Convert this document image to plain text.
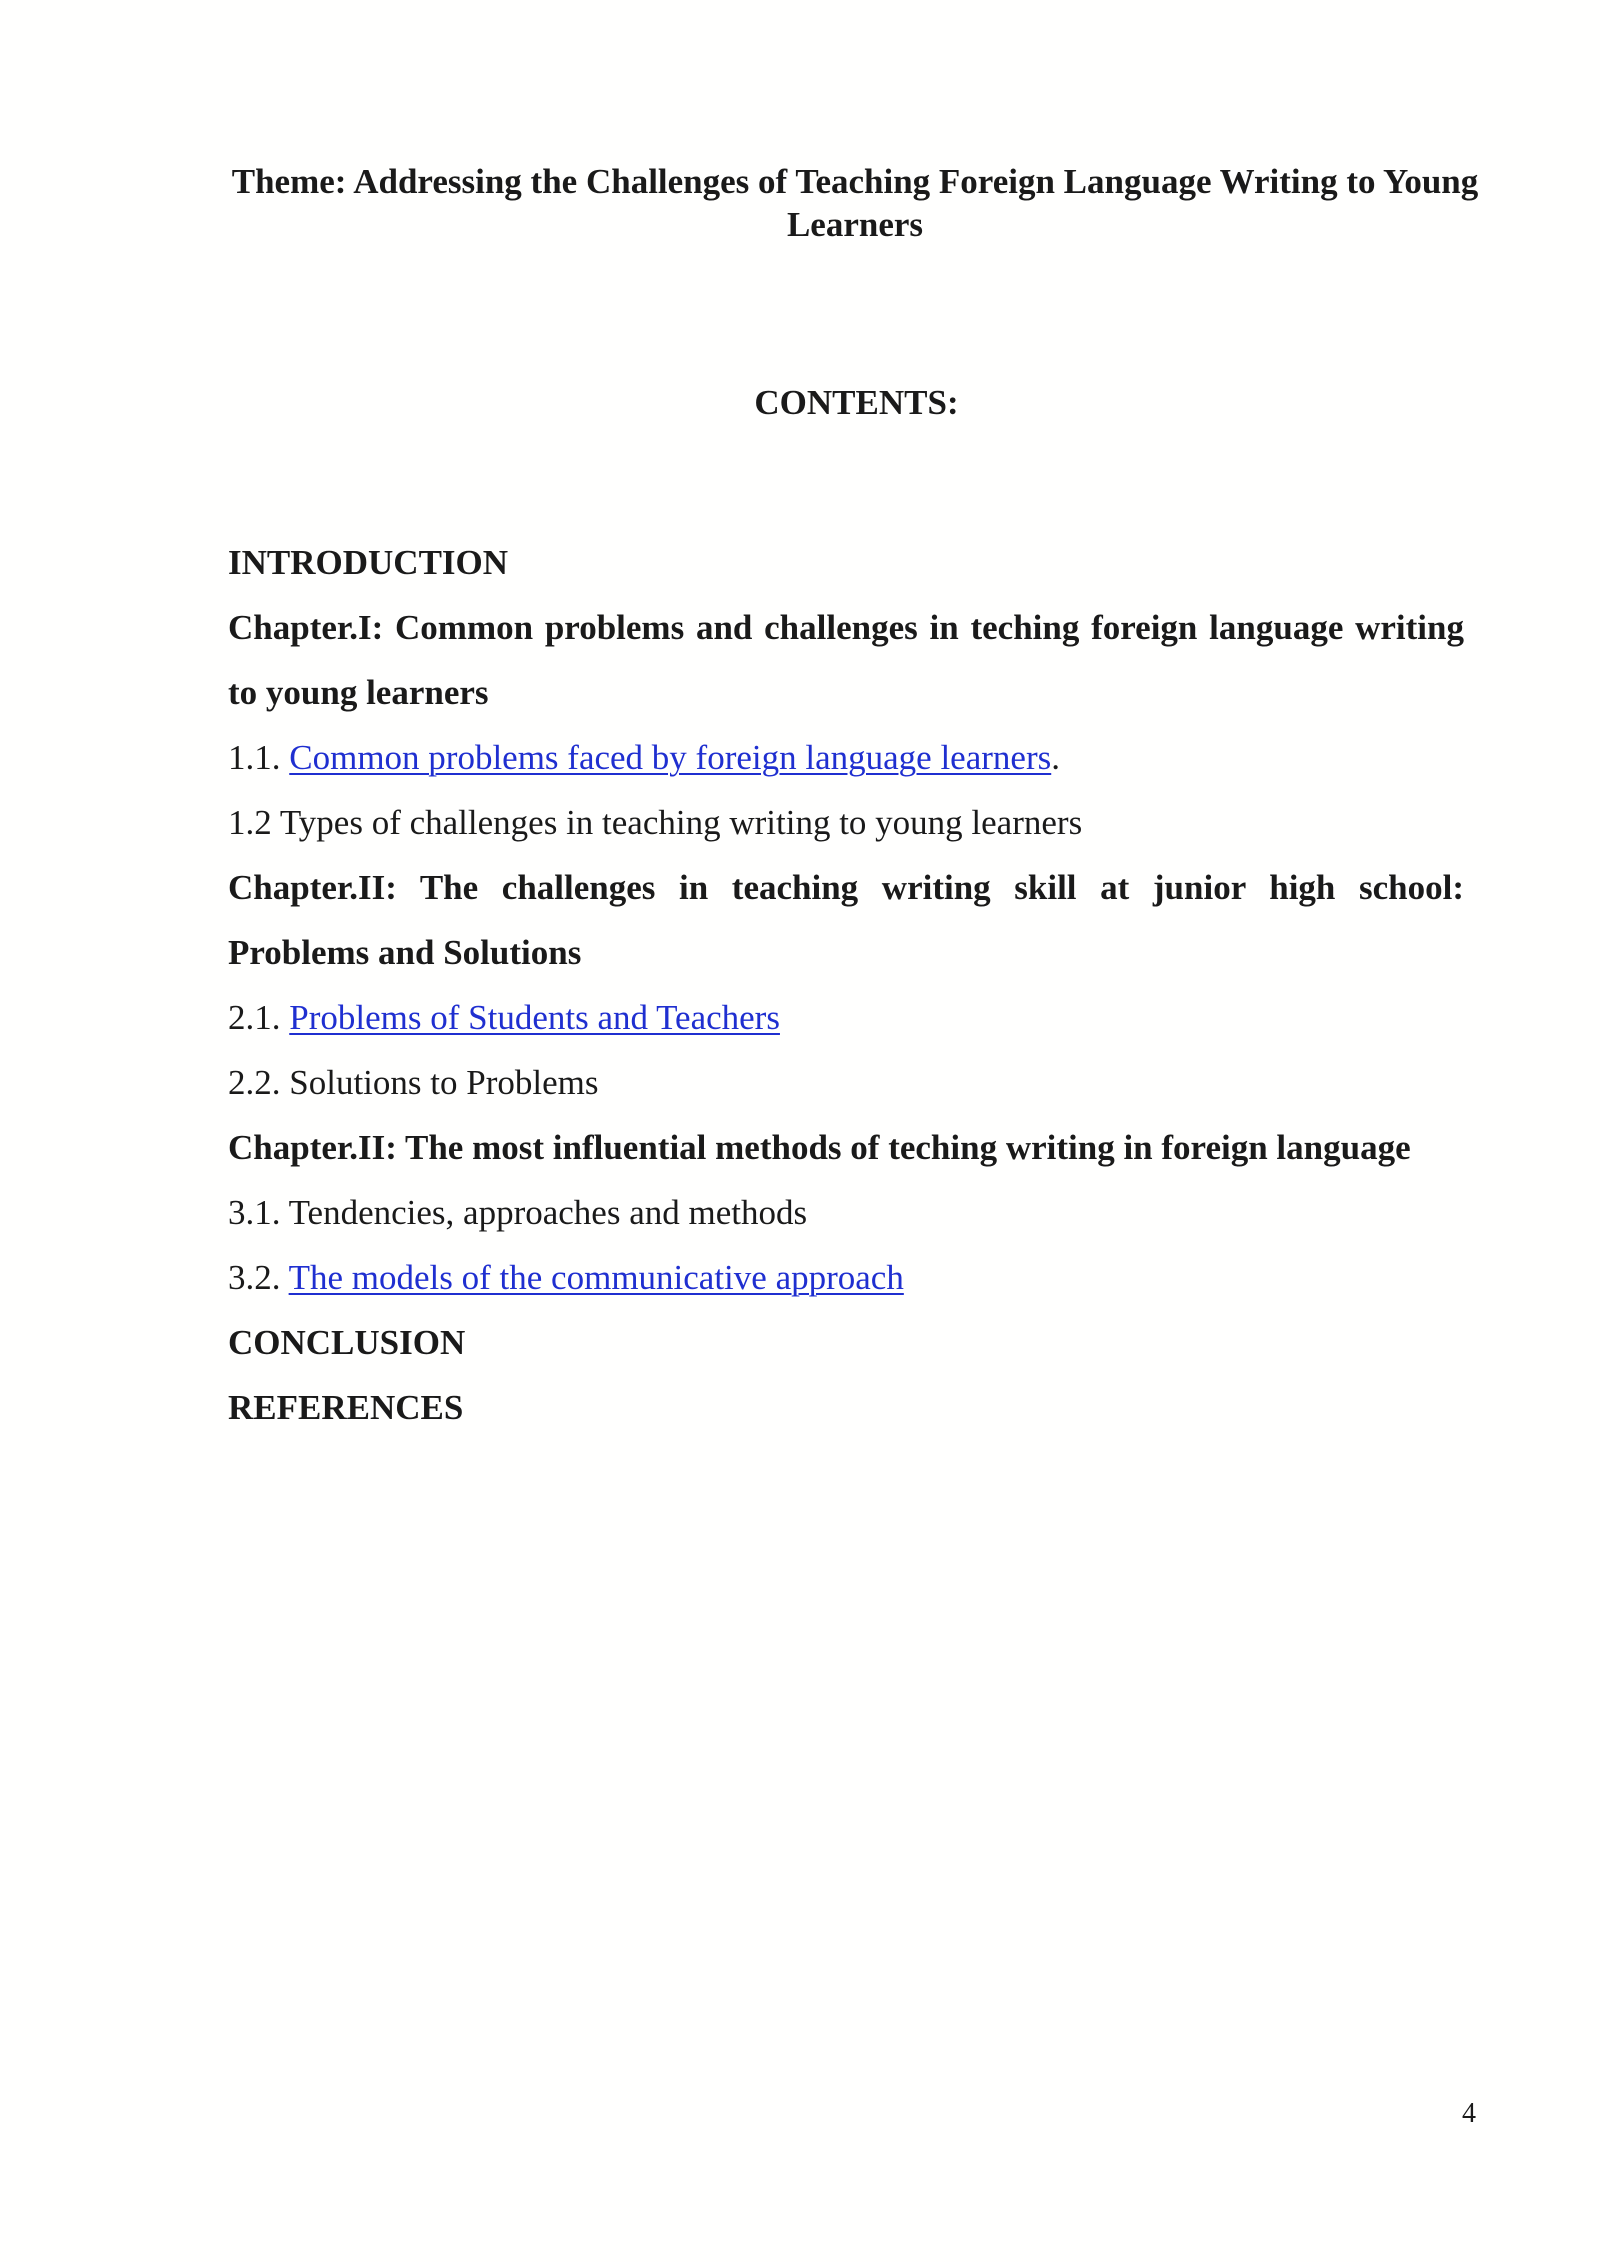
Theme: Addressing the Challenges of Teaching Foreign Language Writing to Young Learners
CONTENTS:

INTRODUCTION

Chapter.I: Common problems and challenges in teching foreign language writing to young learners

1.1. Common problems faced by foreign language learners.

1.2 Types of challenges in teaching writing to young learners

Chapter.II: The challenges in teaching writing skill at junior high school: Problems and Solutions

2.1. Problems of Students and Teachers

2.2. Solutions to Problems

Chapter.II: The most influential methods of teching writing in foreign language

3.1. Tendencies, approaches and methods

3.2. The models of the communicative approach

CONCLUSION

REFERENCES

4
